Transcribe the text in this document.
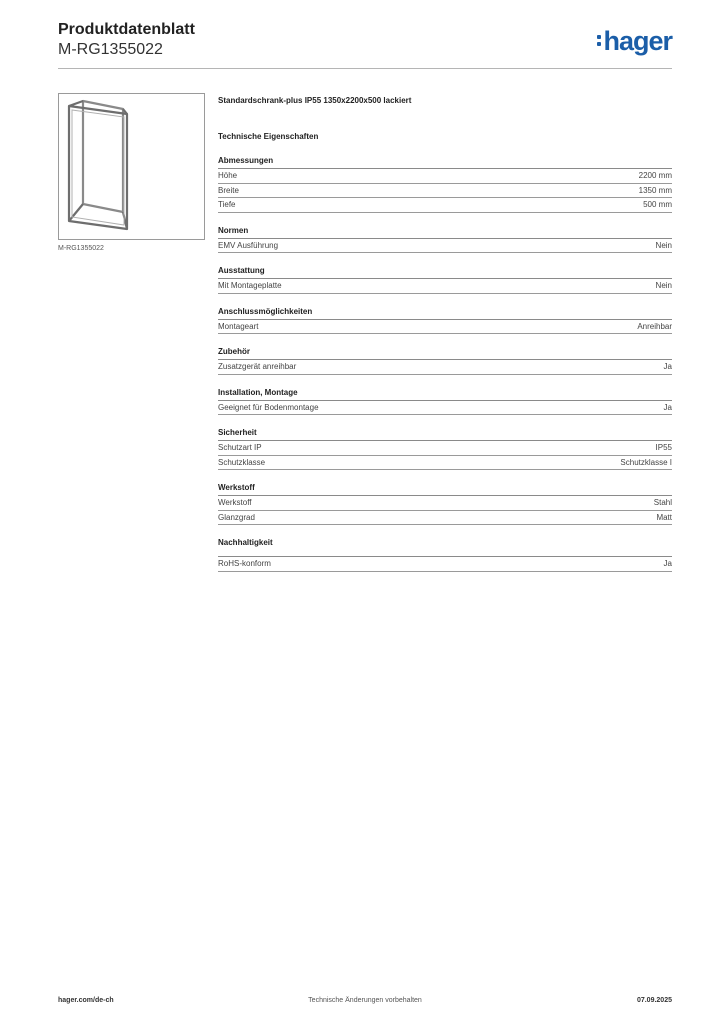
Produktdatenblatt
M-RG1355022	hager
M-RG1355022
Standardschrank-plus IP55 1350x2200x500 lackiert
Technische Eigenschaften
Abmessungen
Höhe	2200 mm
Breite	1350 mm
Tiefe	500 mm
Normen
EMV Ausführung	Nein
Ausstattung
Mit Montageplatte	Nein
Anschlussmöglichkeiten
Montageart	Anreihbar
Zubehör
Zusatzgerät anreihbar	Ja
Installation, Montage
Geeignet für Bodenmontage	Ja
Sicherheit
Schutzart IP	IP55
Schutzklasse	Schutzklasse I
Werkstoff
Werkstoff	Stahl
Glanzgrad	Matt
Nachhaltigkeit
RoHS-konform	Ja
hager.com/de-ch	Technische Änderungen vorbehalten	07.09.2025
